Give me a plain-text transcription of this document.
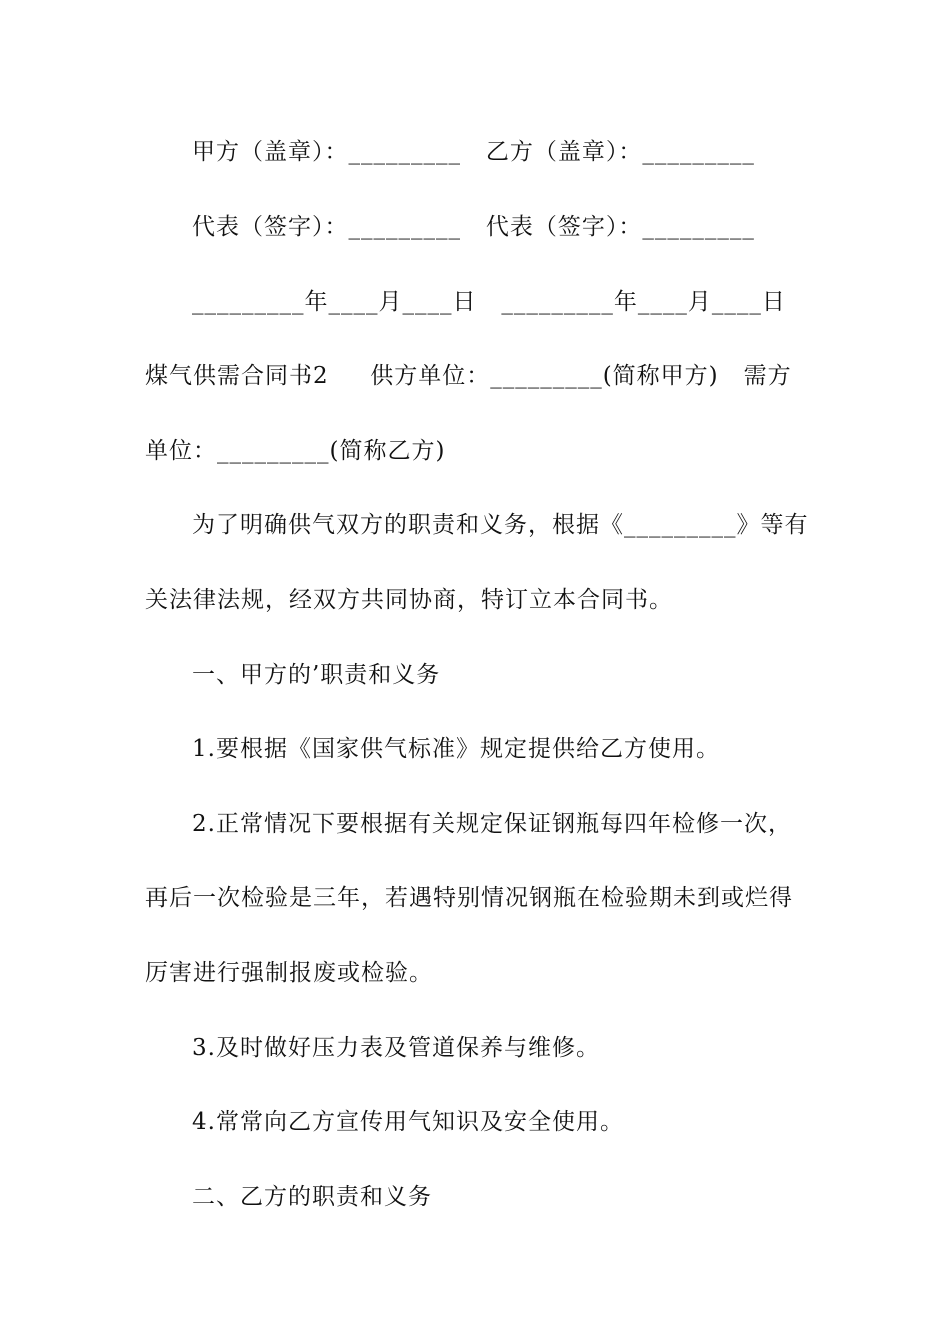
甲方（盖章）：_________   乙方（盖章）：_________
代表（签字）：_________   代表（签字）：_________
_________年____月____日   _________年____月____日
煤气供需合同书2     供方单位：_________(简称甲方)   需方
单位：_________(简称乙方)
为了明确供气双方的职责和义务，根据《_________》等有
关法律法规，经双方共同协商，特订立本合同书。
一、甲方的’职责和义务
1.要根据《国家供气标准》规定提供给乙方使用。
2.正常情况下要根据有关规定保证钢瓶每四年检修一次，
再后一次检验是三年，若遇特别情况钢瓶在检验期未到或烂得
厉害进行强制报废或检验。
3.及时做好压力表及管道保养与维修。
4.常常向乙方宣传用气知识及安全使用。
二、乙方的职责和义务
